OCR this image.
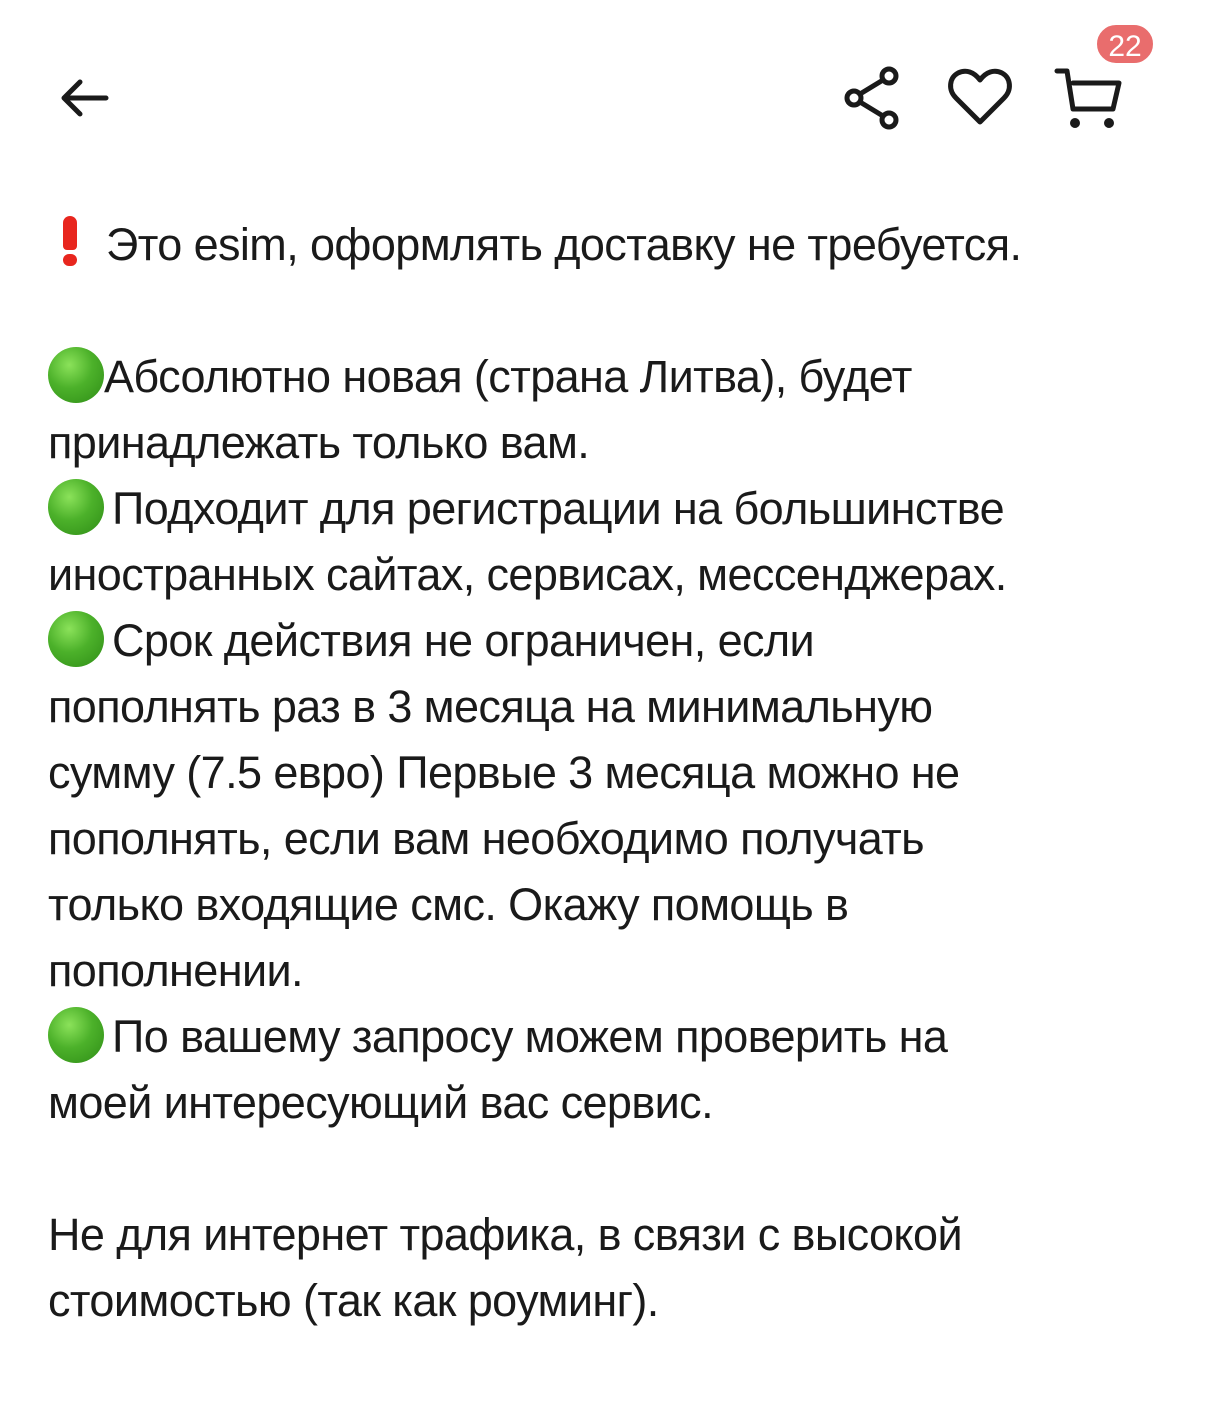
22
Это esim, оформлять доставку не требуется.
Абсолютно новая (страна Литва), будет
принадлежать только вам.
Подходит для регистрации на большинстве
иностранных сайтах, сервисах, мессенджерах.
Срок действия не ограничен, если
пополнять раз в 3 месяца на минимальную
сумму (7.5 евро) Первые 3 месяца можно не
пополнять, если вам необходимо получать
только входящие смс. Окажу помощь в
пополнении.
По вашему запросу можем проверить на
моей интересующий вас сервис.
Не для интернет трафика, в связи с высокой
стоимостью (так как роуминг).
